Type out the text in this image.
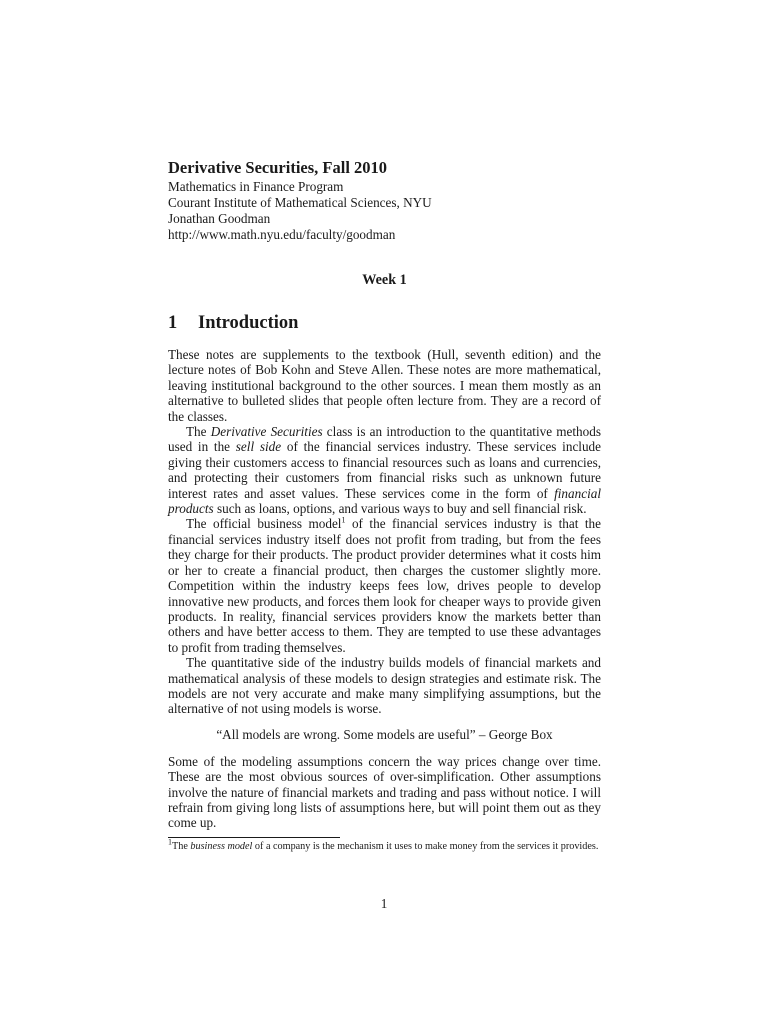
Derivative Securities, Fall 2010
Mathematics in Finance Program
Courant Institute of Mathematical Sciences, NYU
Jonathan Goodman
http://www.math.nyu.edu/faculty/goodman
Week 1
1	Introduction

These notes are supplements to the textbook (Hull, seventh edition) and the lecture notes of Bob Kohn and Steve Allen. These notes are more mathematical, leaving institutional background to the other sources. I mean them mostly as an alternative to bulleted slides that people often lecture from. They are a record of the classes.

The Derivative Securities class is an introduction to the quantitative methods used in the sell side of the financial services industry. These services include giving their customers access to financial resources such as loans and currencies, and protecting their customers from financial risks such as unknown future interest rates and asset values. These services come in the form of financial products such as loans, options, and various ways to buy and sell financial risk.

The official business model$^1$ of the financial services industry is that the financial services industry itself does not profit from trading, but from the fees they charge for their products. The product provider determines what it costs him or her to create a financial product, then charges the customer slightly more. Competition within the industry keeps fees low, drives people to develop innovative new products, and forces them look for cheaper ways to provide given products. In reality, financial services providers know the markets better than others and have better access to them. They are tempted to use these advantages to profit from trading themselves.

The quantitative side of the industry builds models of financial markets and mathematical analysis of these models to design strategies and estimate risk. The models are not very accurate and make many simplifying assumptions, but the alternative of not using models is worse.

“All models are wrong. Some models are useful” – George Box

Some of the modeling assumptions concern the way prices change over time. These are the most obvious sources of over-simplification. Other assumptions involve the nature of financial markets and trading and pass without notice. I will refrain from giving long lists of assumptions here, but will point them out as they come up.

$^1$The business model of a company is the mechanism it uses to make money from the services it provides.
1
